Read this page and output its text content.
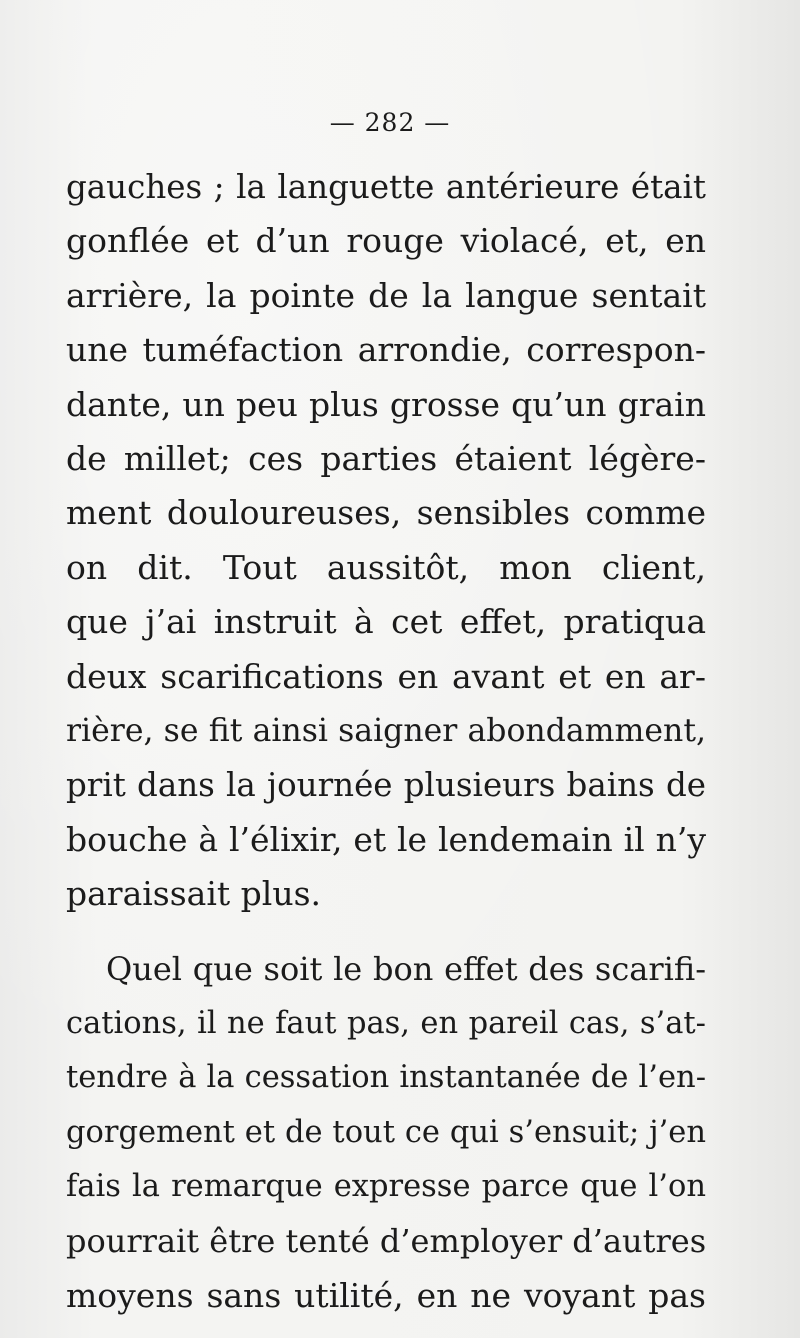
— 282 —
gauches ; la languette antérieure était
gonflée et d’un rouge violacé, et, en
arrière, la pointe de la langue sentait
une tuméfaction arrondie, correspon-
dante, un peu plus grosse qu’un grain
de millet; ces parties étaient légère-
ment douloureuses, sensibles comme
on dit. Tout aussitôt, mon client,
que j’ai instruit à cet effet, pratiqua
deux scarifications en avant et en ar-
rière, se fit ainsi saigner abondamment,
prit dans la journée plusieurs bains de
bouche à l’élixir, et le lendemain il n’y
paraissait plus.
Quel que soit le bon effet des scarifi-
cations, il ne faut pas, en pareil cas, s’at-
tendre à la cessation instantanée de l’en-
gorgement et de tout ce qui s’ensuit; j’en
fais la remarque expresse parce que l’on
pourrait être tenté d’employer d’autres
moyens sans utilité, en ne voyant pas
